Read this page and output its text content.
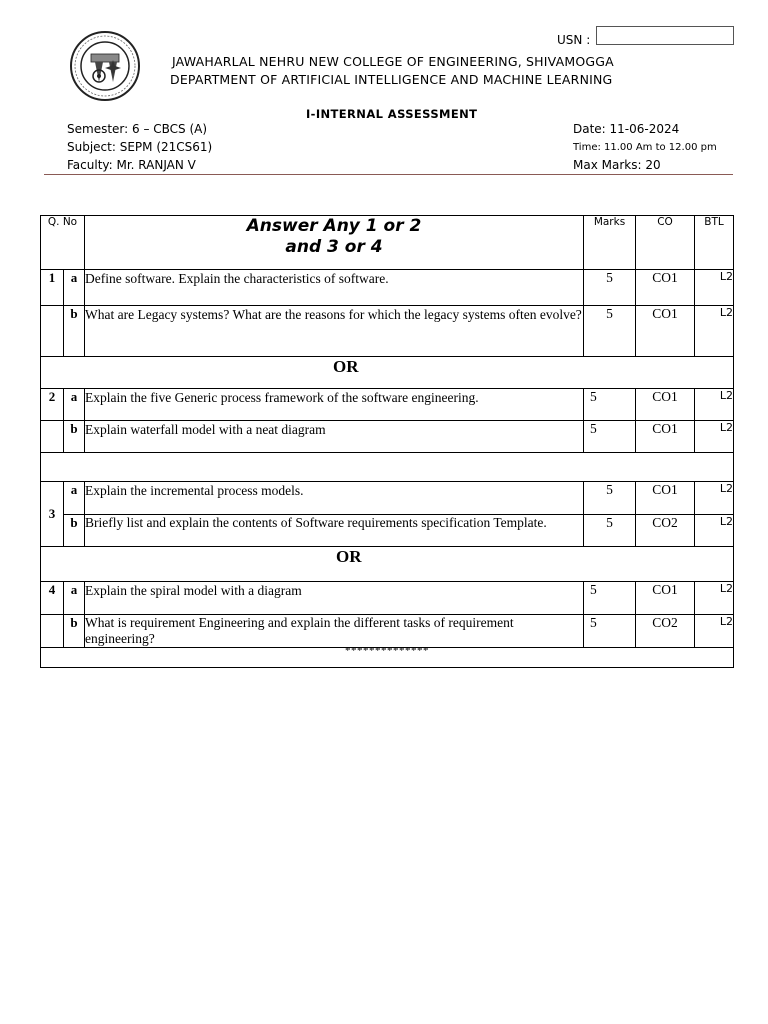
USN :
JAWAHARLAL NEHRU NEW COLLEGE OF ENGINEERING, SHIVAMOGGA
DEPARTMENT OF ARTIFICIAL INTELLIGENCE AND MACHINE LEARNING
I-INTERNAL ASSESSMENT
Semester: 6 – CBCS (A)
Subject: SEPM (21CS61)
Faculty: Mr. RANJAN V
Date: 11-06-2024
Time: 11.00 Am to 12.00 pm
Max Marks: 20
Q. No		Answer Any 1 or 2
and 3 or 4	Marks	CO	BTL
1	a	Define software. Explain the characteristics of software.	5	CO1	L2
	b	What are Legacy systems? What are the reasons for which the legacy systems often evolve?	5	CO1	L2
OR					
2	a	Explain the five Generic process framework of the software engineering.	5	CO1	L2
	b	Explain waterfall model with a neat diagram	5	CO1	L2

3	a	Explain the incremental process models.	5	CO1	L2
	b	Briefly list and explain the contents of Software requirements specification Template.	5	CO2	L2
OR					
4	a	Explain the spiral model with a diagram	5	CO1	L2
	b	What is requirement Engineering and explain the different tasks of requirement engineering?	5	CO2	L2
**************					
